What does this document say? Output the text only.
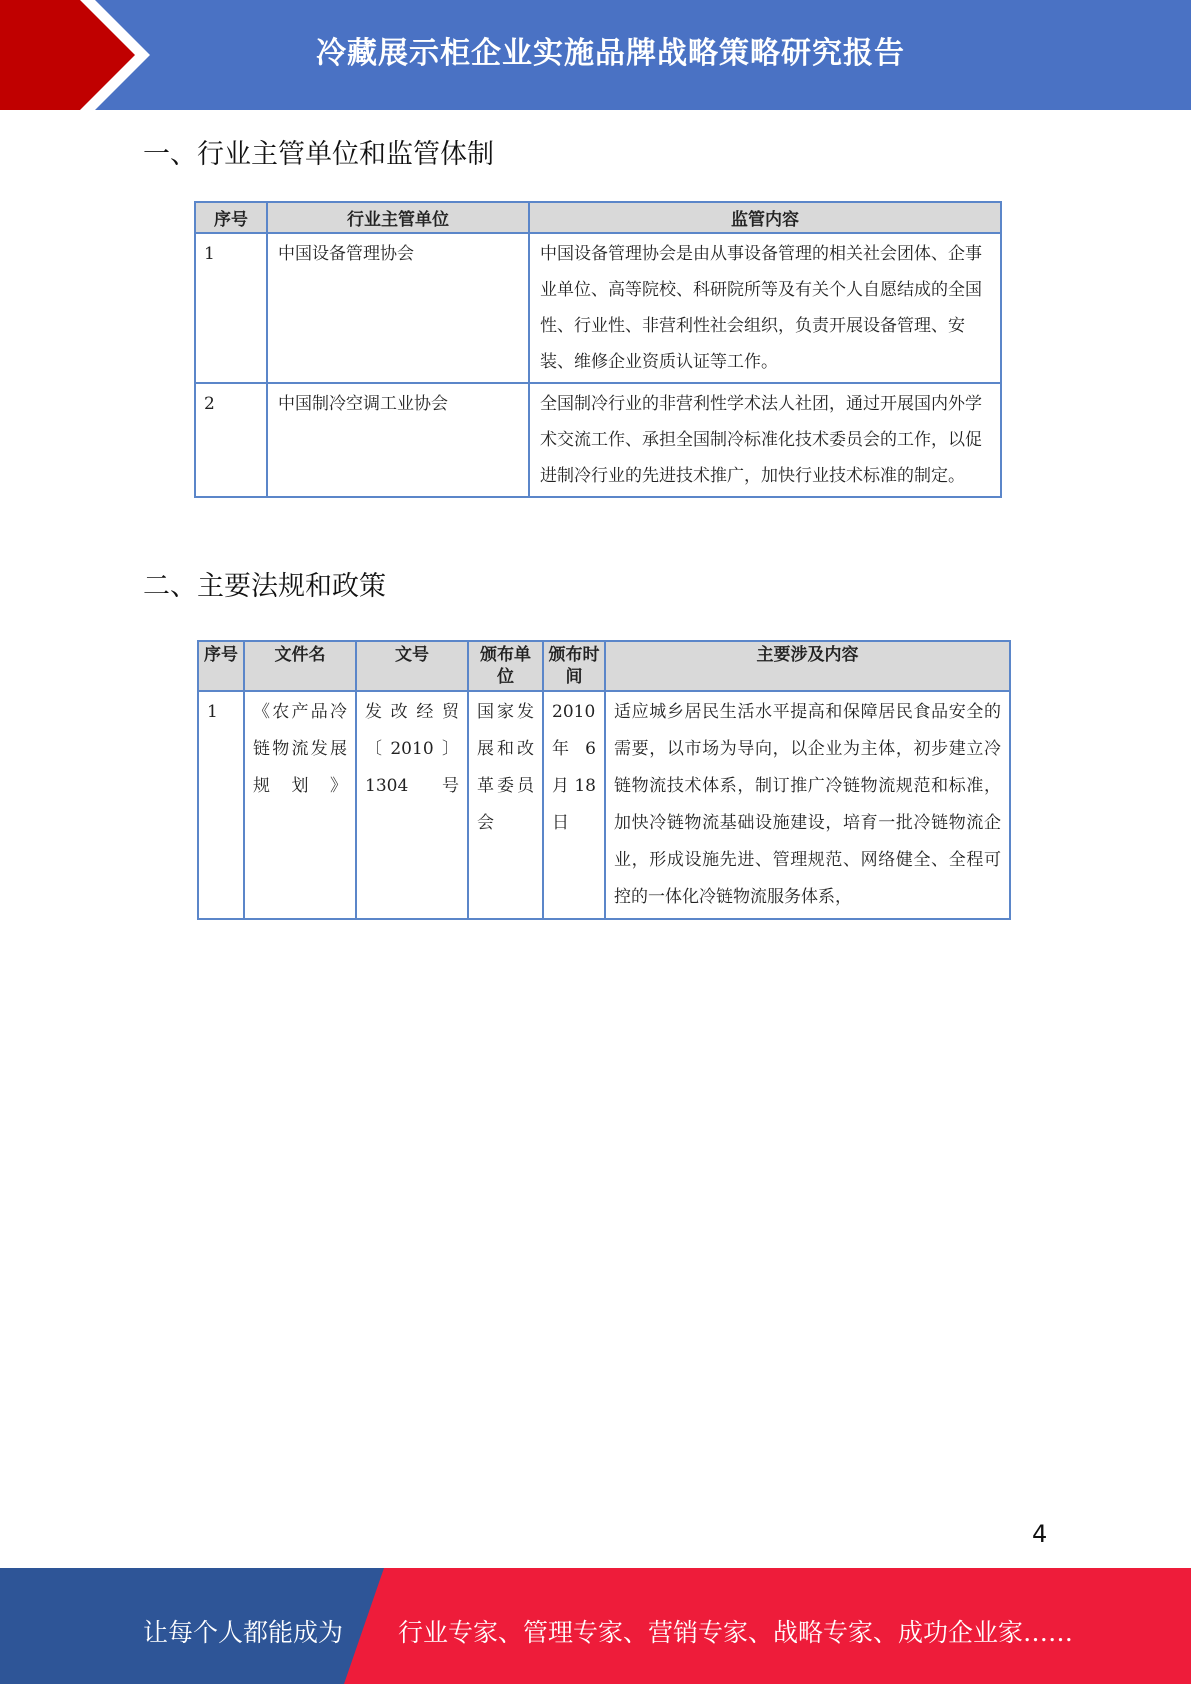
冷藏展示柜企业实施品牌战略策略研究报告
一、行业主管单位和监管体制
序号	行业主管单位	监管内容
1	中国设备管理协会	中国设备管理协会是由从事设备管理的相关社会团体、企事业单位、高等院校、科研院所等及有关个人自愿结成的全国性、行业性、非营利性社会组织，负责开展设备管理、安装、维修企业资质认证等工作。
2	中国制冷空调工业协会	全国制冷行业的非营利性学术法人社团，通过开展国内外学术交流工作、承担全国制冷标准化技术委员会的工作，以促进制冷行业的先进技术推广，加快行业技术标准的制定。
二、主要法规和政策
序号	文件名	文号	颁布单位	颁布时间	主要涉及内容
1	《农产品冷链物流发展规划》	发改经贸〔2010〕1304号	国家发展和改革委员会	2010年6月18日	适应城乡居民生活水平提高和保障居民食品安全的需要，以市场为导向，以企业为主体，初步建立冷链物流技术体系，制订推广冷链物流规范和标准，加快冷链物流基础设施建设，培育一批冷链物流企业，形成设施先进、管理规范、网络健全、全程可控的一体化冷链物流服务体系，
4
让每个人都能成为 行业专家、管理专家、营销专家、战略专家、成功企业家……
